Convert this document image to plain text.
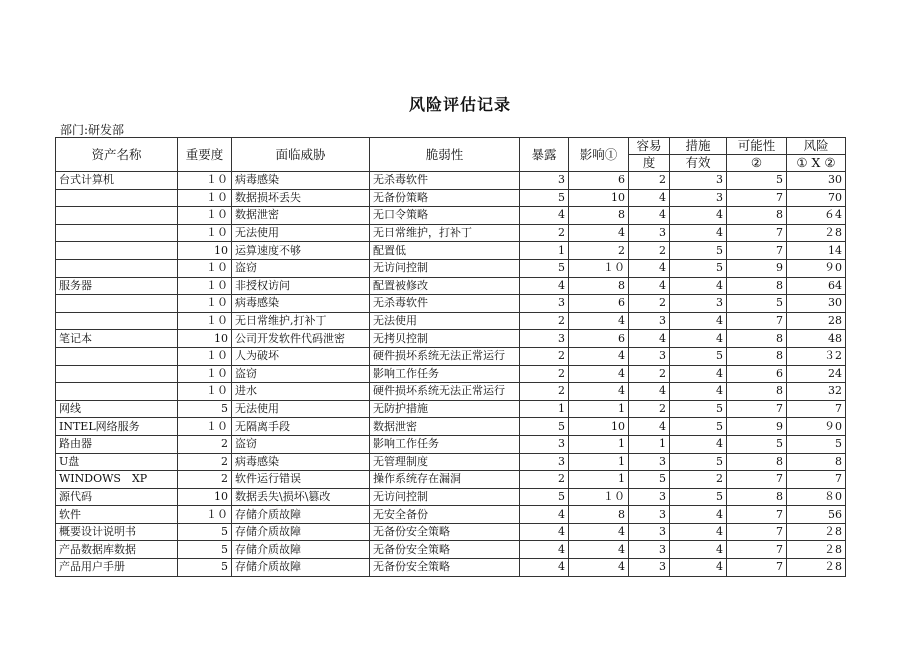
风险评估记录
部门:研发部
资产名称	重要度	面临威胁	脆弱性	暴露	影响①	容易	措施	可能性	风险
						度	有效	②	① X ②
台式计算机	１０	病毒感染	无杀毒软件	3	6	2	3	5	30
	１０	数据损坏丢失	无备份策略	5	10	4	3	7	70
	１０	数据泄密	无口令策略	4	8	4	4	8	６4
	１０	无法使用	无日常维护，打补丁	2	4	3	4	7	２8
	10	运算速度不够	配置低	1	2	2	5	7	14
	１０	盗窃	无访问控制	5	１０	4	5	9	９0
服务器	１０	非授权访问	配置被修改	4	8	4	4	8	64
	１０	病毒感染	无杀毒软件	3	6	2	3	5	30
	１０	无日常维护,打补丁	无法使用	2	4	3	4	7	28
笔记本	10	公司开发软件代码泄密	无拷贝控制	3	6	4	4	8	48
	１０	人为破坏	硬件损坏系统无法正常运行	2	4	3	5	8	３2
	１０	盗窃	影响工作任务	2	4	2	4	6	24
	１０	进水	硬件损坏系统无法正常运行	2	4	4	4	8	32
网线	5	无法使用	无防护措施	1	1	2	5	7	7
INTEL网络服务	１０	无隔离手段	数据泄密	5	10	4	5	9	９0
路由器	2	盗窃	影响工作任务	3	1	1	4	5	5
U盘	2	病毒感染	无管理制度	3	1	3	5	8	8
WINDOWS　XP	2	软件运行错误	操作系统存在漏洞	2	1	5	2	7	7
源代码	10	数据丢失\损坏\篡改	无访问控制	5	１０	3	5	8	８0
软件	１０	存储介质故障	无安全备份	4	8	3	4	7	56
概要设计说明书	5	存储介质故障	无备份安全策略	4	4	3	4	7	２8
产品数据库数据	5	存储介质故障	无备份安全策略	4	4	3	4	7	２8
产品用户手册	5	存储介质故障	无备份安全策略	4	4	3	4	7	２8
